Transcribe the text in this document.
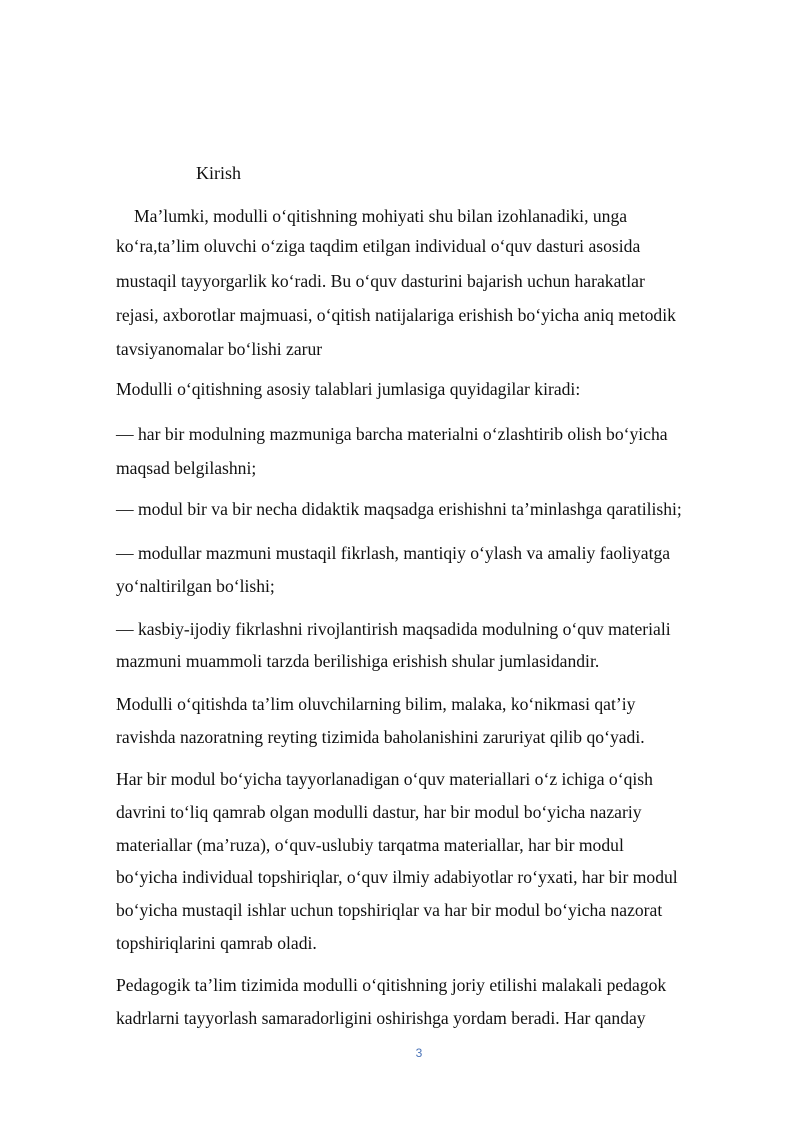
Kirish
Ma’lumki, modulli o‘qitishning mohiyati shu bilan izohlanadiki, unga
ko‘ra,ta’lim oluvchi o‘ziga taqdim etilgan individual o‘quv dasturi asosida
mustaqil tayyorgarlik ko‘radi. Bu o‘quv dasturini bajarish uchun harakatlar
rejasi, axborotlar majmuasi, o‘qitish natijalariga erishish bo‘yicha aniq metodik
tavsiyanomalar bo‘lishi zarur
Modulli o‘qitishning asosiy talablari jumlasiga quyidagilar kiradi:
— har bir modulning mazmuniga barcha materialni o‘zlashtirib olish bo‘yicha
maqsad belgilashni;
— modul bir va bir necha didaktik maqsadga erishishni ta’minlashga qaratilishi;
— modullar mazmuni mustaqil fikrlash, mantiqiy o‘ylash va amaliy faoliyatga
yo‘naltirilgan bo‘lishi;
— kasbiy-ijodiy fikrlashni rivojlantirish maqsadida modulning o‘quv materiali
mazmuni muammoli tarzda berilishiga erishish shular jumlasidandir.
Modulli o‘qitishda ta’lim oluvchilarning bilim, malaka, ko‘nikmasi qat’iy
ravishda nazoratning reyting tizimida baholanishini zaruriyat qilib qo‘yadi.
Har bir modul bo‘yicha tayyorlanadigan o‘quv materiallari o‘z ichiga o‘qish
davrini to‘liq qamrab olgan modulli dastur, har bir modul bo‘yicha nazariy
materiallar (ma’ruza), o‘quv-uslubiy tarqatma materiallar, har bir modul
bo‘yicha individual topshiriqlar, o‘quv ilmiy adabiyotlar ro‘yxati, har bir modul
bo‘yicha mustaqil ishlar uchun topshiriqlar va har bir modul bo‘yicha nazorat
topshiriqlarini qamrab oladi.
Pedagogik ta’lim tizimida modulli o‘qitishning joriy etilishi malakali pedagok
kadrlarni tayyorlash samaradorligini oshirishga yordam beradi. Har qanday
3
